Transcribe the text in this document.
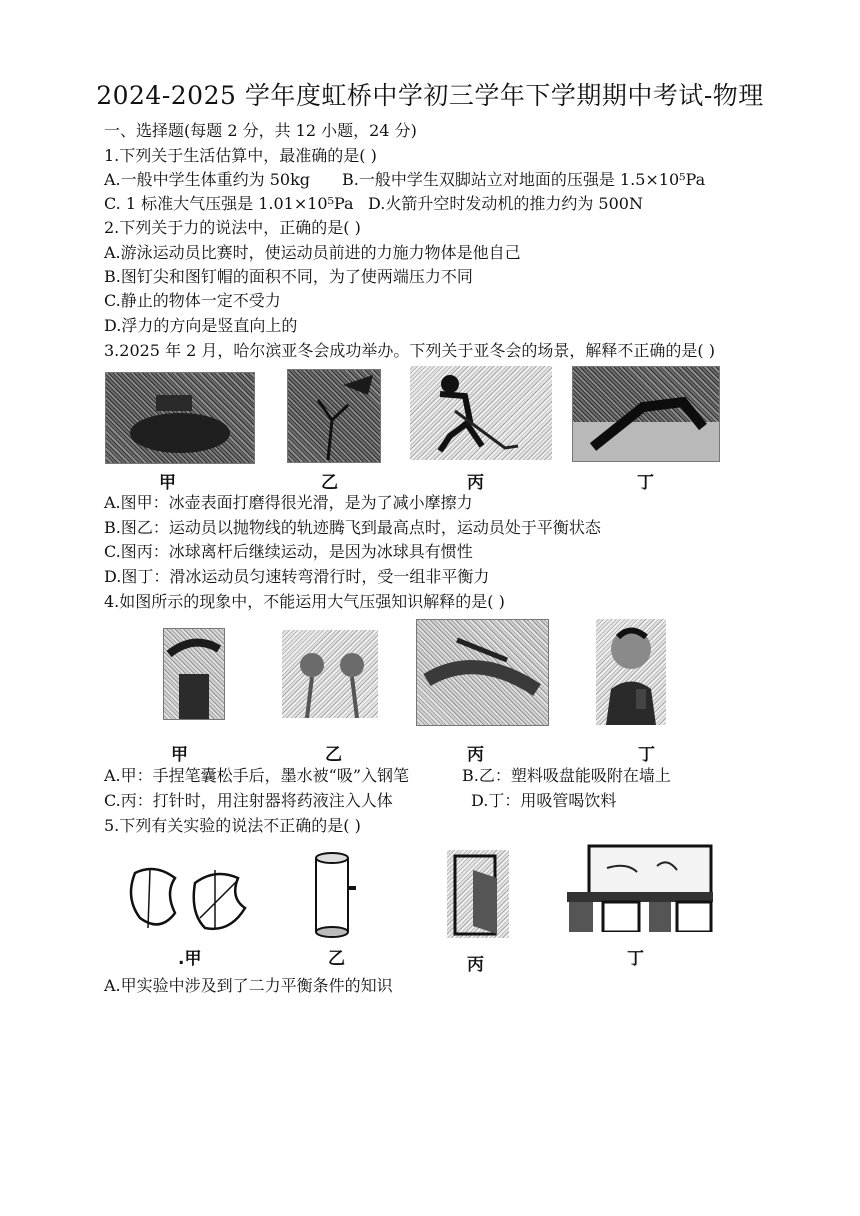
2024-2025 学年度虹桥中学初三学年下学期期中考试-物理
一、选择题(每题 2 分，共 12 小题，24 分)
1.下列关于生活估算中，最准确的是( )
A.一般中学生体重约为 50kg B.一般中学生双脚站立对地面的压强是 1.5×10⁵Pa
C. 1 标准大气压强是 1.01×10⁵Pa D.火箭升空时发动机的推力约为 500N
2.下列关于力的说法中，正确的是( )
A.游泳运动员比赛时，使运动员前进的力施力物体是他自己
B.图钉尖和图钉帽的面积不同，为了使两端压力不同
C.静止的物体一定不受力
D.浮力的方向是竖直向上的
3.2025 年 2 月，哈尔滨亚冬会成功举办。下列关于亚冬会的场景，解释不正确的是( )
甲	乙	丙	丁
A.图甲：冰壶表面打磨得很光滑，是为了减小摩擦力
B.图乙：运动员以抛物线的轨迹腾飞到最高点时，运动员处于平衡状态
C.图丙：冰球离杆后继续运动，是因为冰球具有惯性
D.图丁：滑冰运动员匀速转弯滑行时，受一组非平衡力
4.如图所示的现象中，不能运用大气压强知识解释的是( )
甲	乙	丙	丁
A.甲：手捏笔囊松手后，墨水被“吸”入钢笔	B.乙：塑料吸盘能吸附在墙上
C.丙：打针时，用注射器将药液注入人体	D.丁：用吸管喝饮料
5.下列有关实验的说法不正确的是( )
.甲	乙	丙	丁
A.甲实验中涉及到了二力平衡条件的知识
